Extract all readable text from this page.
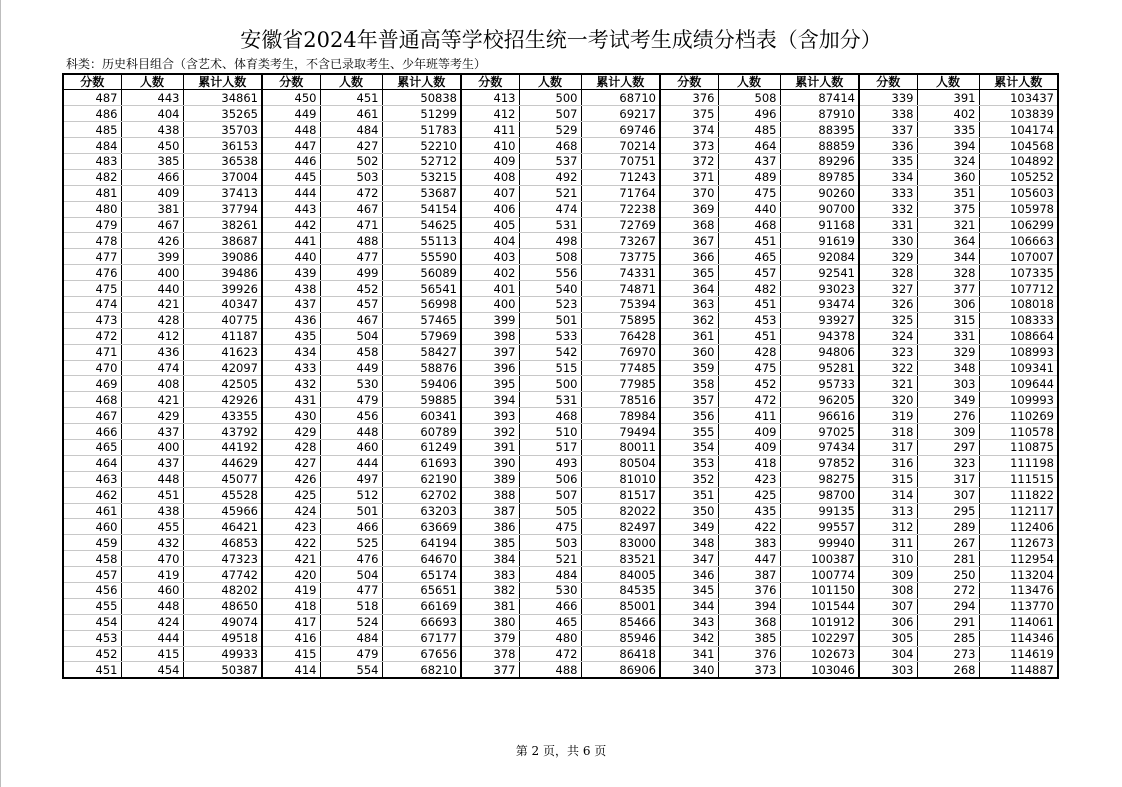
安徽省2024年普通高等学校招生统一考试考生成绩分档表（含加分）
科类：历史科目组合（含艺术、体育类考生，不含已录取考生、少年班等考生）
分数	人数	累计人数	分数	人数	累计人数	分数	人数	累计人数	分数	人数	累计人数	分数	人数	累计人数
487	443	34861	450	451	50838	413	500	68710	376	508	87414	339	391	103437
486	404	35265	449	461	51299	412	507	69217	375	496	87910	338	402	103839
485	438	35703	448	484	51783	411	529	69746	374	485	88395	337	335	104174
484	450	36153	447	427	52210	410	468	70214	373	464	88859	336	394	104568
483	385	36538	446	502	52712	409	537	70751	372	437	89296	335	324	104892
482	466	37004	445	503	53215	408	492	71243	371	489	89785	334	360	105252
481	409	37413	444	472	53687	407	521	71764	370	475	90260	333	351	105603
480	381	37794	443	467	54154	406	474	72238	369	440	90700	332	375	105978
479	467	38261	442	471	54625	405	531	72769	368	468	91168	331	321	106299
478	426	38687	441	488	55113	404	498	73267	367	451	91619	330	364	106663
477	399	39086	440	477	55590	403	508	73775	366	465	92084	329	344	107007
476	400	39486	439	499	56089	402	556	74331	365	457	92541	328	328	107335
475	440	39926	438	452	56541	401	540	74871	364	482	93023	327	377	107712
474	421	40347	437	457	56998	400	523	75394	363	451	93474	326	306	108018
473	428	40775	436	467	57465	399	501	75895	362	453	93927	325	315	108333
472	412	41187	435	504	57969	398	533	76428	361	451	94378	324	331	108664
471	436	41623	434	458	58427	397	542	76970	360	428	94806	323	329	108993
470	474	42097	433	449	58876	396	515	77485	359	475	95281	322	348	109341
469	408	42505	432	530	59406	395	500	77985	358	452	95733	321	303	109644
468	421	42926	431	479	59885	394	531	78516	357	472	96205	320	349	109993
467	429	43355	430	456	60341	393	468	78984	356	411	96616	319	276	110269
466	437	43792	429	448	60789	392	510	79494	355	409	97025	318	309	110578
465	400	44192	428	460	61249	391	517	80011	354	409	97434	317	297	110875
464	437	44629	427	444	61693	390	493	80504	353	418	97852	316	323	111198
463	448	45077	426	497	62190	389	506	81010	352	423	98275	315	317	111515
462	451	45528	425	512	62702	388	507	81517	351	425	98700	314	307	111822
461	438	45966	424	501	63203	387	505	82022	350	435	99135	313	295	112117
460	455	46421	423	466	63669	386	475	82497	349	422	99557	312	289	112406
459	432	46853	422	525	64194	385	503	83000	348	383	99940	311	267	112673
458	470	47323	421	476	64670	384	521	83521	347	447	100387	310	281	112954
457	419	47742	420	504	65174	383	484	84005	346	387	100774	309	250	113204
456	460	48202	419	477	65651	382	530	84535	345	376	101150	308	272	113476
455	448	48650	418	518	66169	381	466	85001	344	394	101544	307	294	113770
454	424	49074	417	524	66693	380	465	85466	343	368	101912	306	291	114061
453	444	49518	416	484	67177	379	480	85946	342	385	102297	305	285	114346
452	415	49933	415	479	67656	378	472	86418	341	376	102673	304	273	114619
451	454	50387	414	554	68210	377	488	86906	340	373	103046	303	268	114887
第 2 页，共 6 页
